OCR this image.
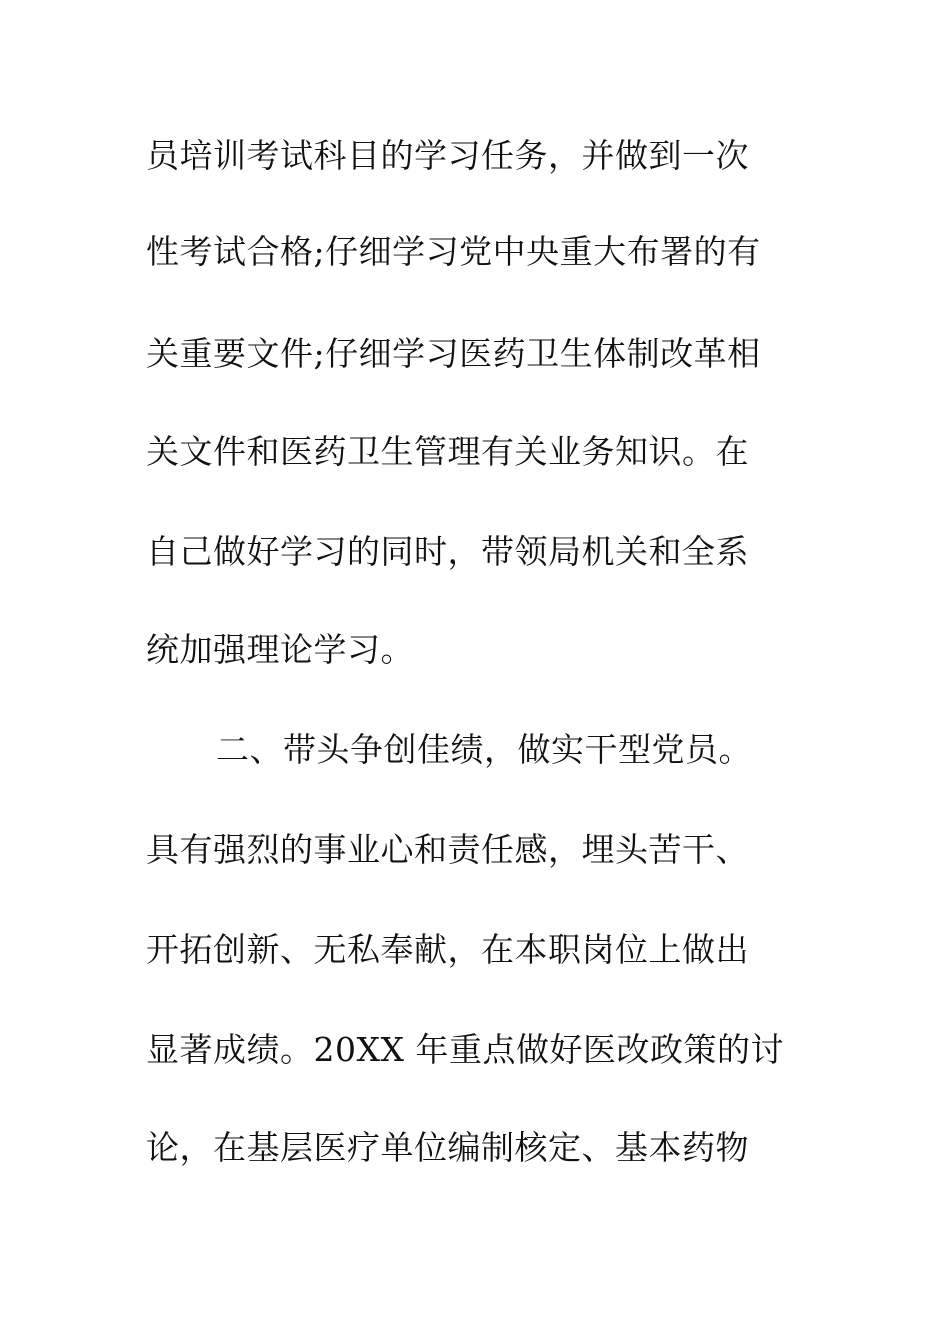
员培训考试科目的学习任务，并做到一次
性考试合格;仔细学习党中央重大布署的有
关重要文件;仔细学习医药卫生体制改革相
关文件和医药卫生管理有关业务知识。在
自己做好学习的同时，带领局机关和全系
统加强理论学习。
二、带头争创佳绩，做实干型党员。
具有强烈的事业心和责任感，埋头苦干、
开拓创新、无私奉献，在本职岗位上做出
显著成绩。20XX 年重点做好医改政策的讨
论，在基层医疗单位编制核定、基本药物
